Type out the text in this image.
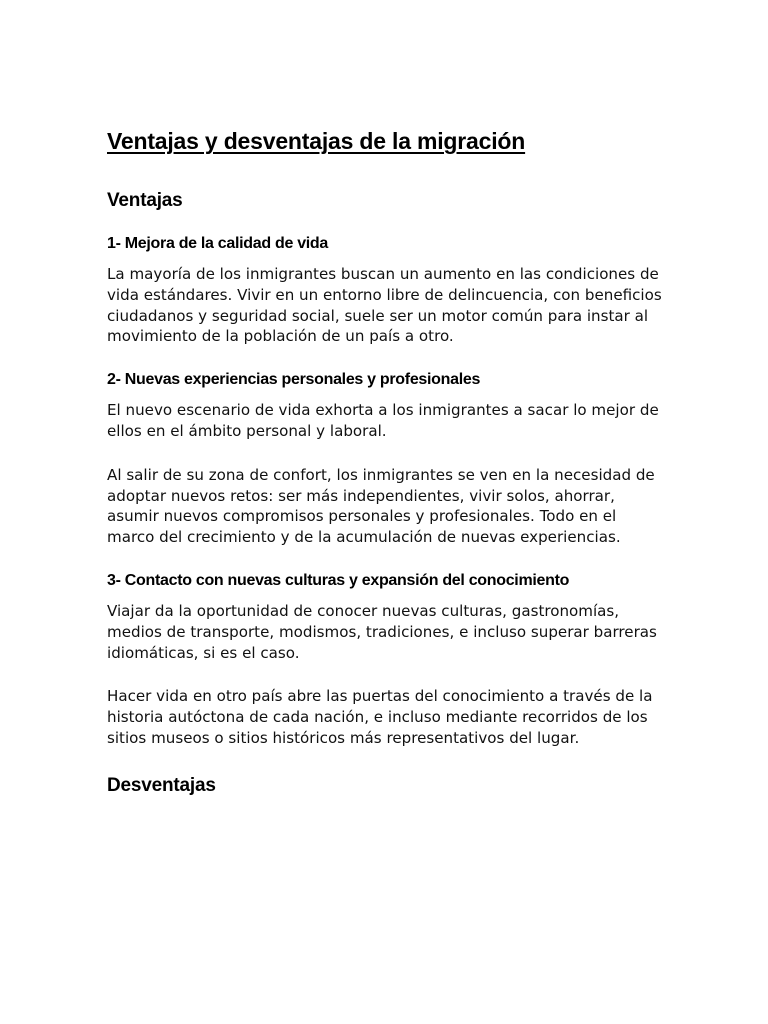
Ventajas y desventajas de la migración
Ventajas
1- Mejora de la calidad de vida

La mayoría de los inmigrantes buscan un aumento en las condiciones de vida estándares. Vivir en un entorno libre de delincuencia, con beneficios ciudadanos y seguridad social, suele ser un motor común para instar al movimiento de la población de un país a otro.

2- Nuevas experiencias personales y profesionales

El nuevo escenario de vida exhorta a los inmigrantes a sacar lo mejor de ellos en el ámbito personal y laboral.

Al salir de su zona de confort, los inmigrantes se ven en la necesidad de adoptar nuevos retos: ser más independientes, vivir solos, ahorrar, asumir nuevos compromisos personales y profesionales. Todo en el marco del crecimiento y de la acumulación de nuevas experiencias.

3- Contacto con nuevas culturas y expansión del conocimiento

Viajar da la oportunidad de conocer nuevas culturas, gastronomías, medios de transporte, modismos, tradiciones, e incluso superar barreras idiomáticas, si es el caso.

Hacer vida en otro país abre las puertas del conocimiento a través de la historia autóctona de cada nación, e incluso mediante recorridos de los sitios museos o sitios históricos más representativos del lugar.

Desventajas
